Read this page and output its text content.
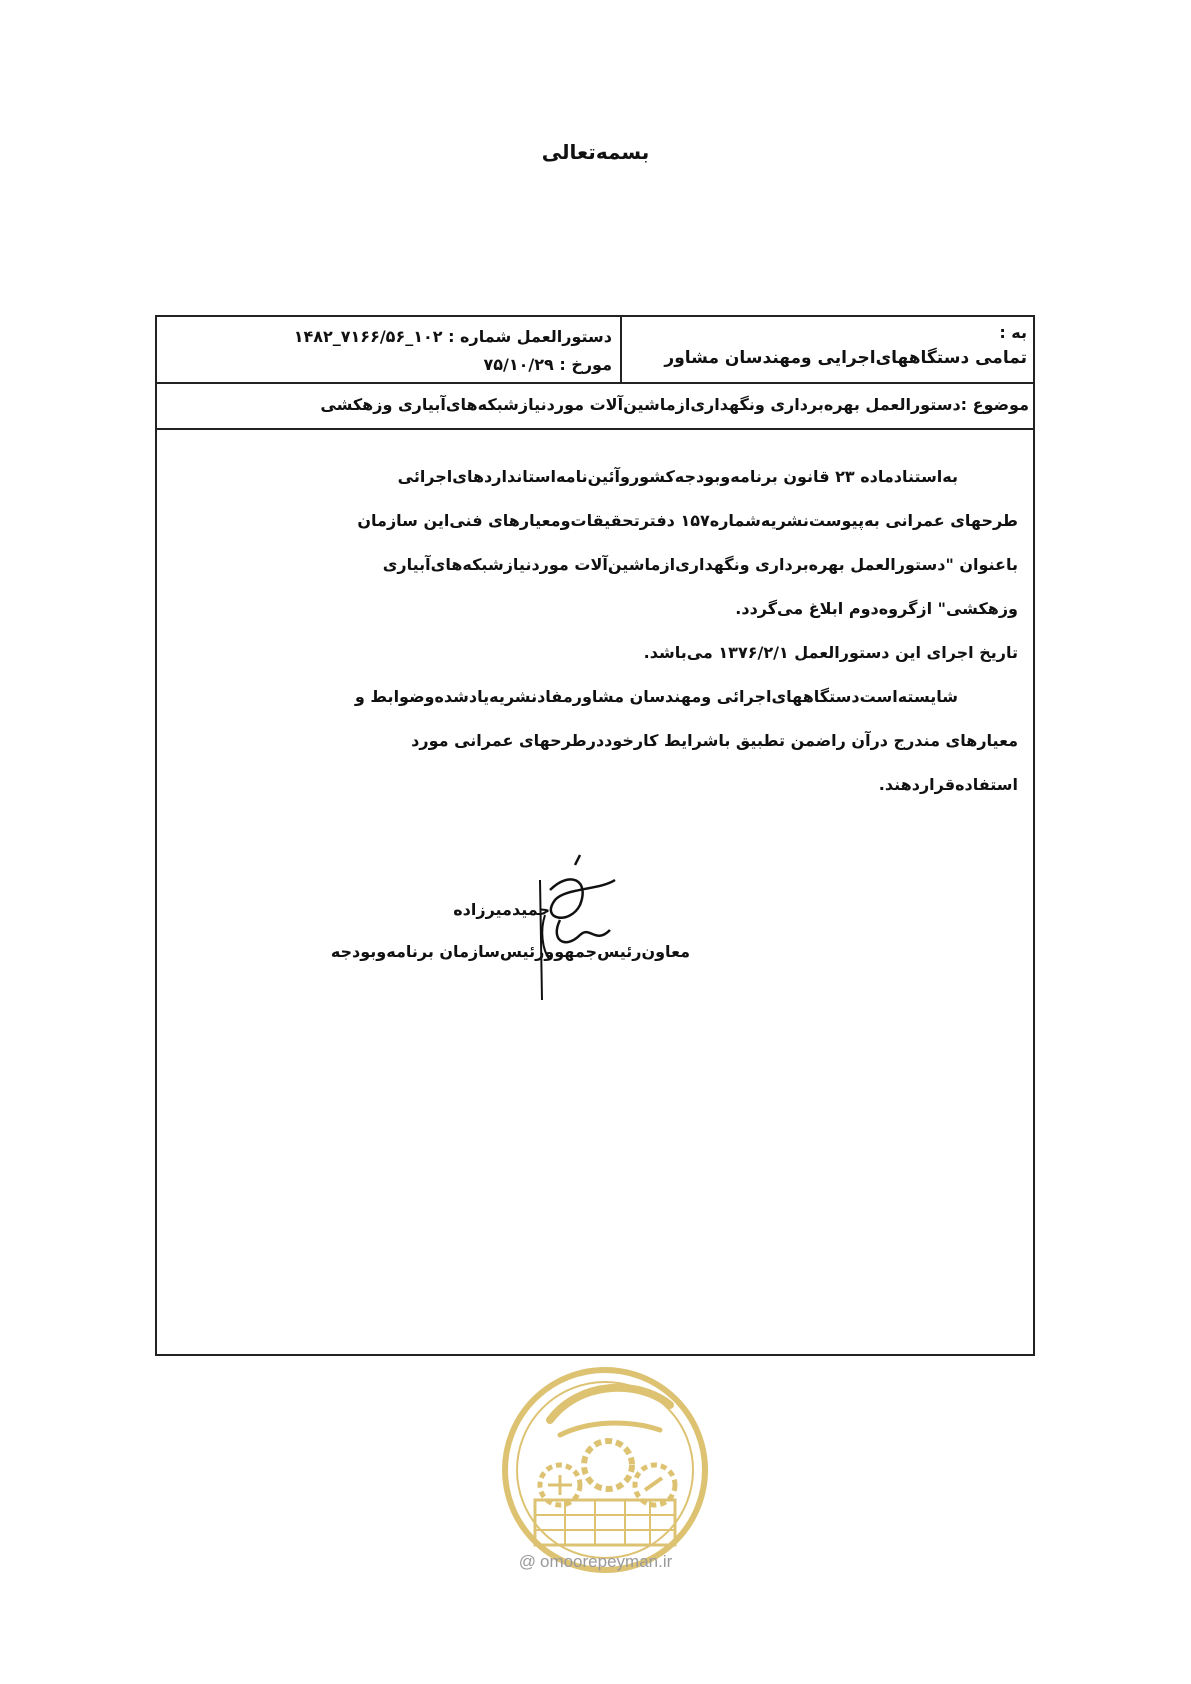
بسمه‌تعالی
به :
تمامی دستگاههای‌اجرایی ومهندسان مشاور
دستورالعمل شماره : ۱۰۲_۷۱۶۶/۵۶_۱۴۸۲
مورخ : ۷۵/۱۰/۲۹
موضوع :دستورالعمل بهره‌برداری ونگهداری‌ازماشین‌آلات موردنیازشبکه‌های‌آبیاری وزهکشی
به‌استنادماده ۲۳ قانون برنامه‌وبودجه‌کشوروآئین‌نامه‌استانداردهای‌اجرائی
طرحهای عمرانی به‌پیوست‌نشریه‌شماره۱۵۷ دفترتحقیقات‌ومعیارهای فنی‌این سازمان
باعنوان "دستورالعمل بهره‌برداری ونگهداری‌ازماشین‌آلات موردنیازشبکه‌های‌آبیاری
وزهکشی" ازگروه‌دوم ابلاغ می‌گردد.
تاریخ اجرای این دستورالعمل ۱۳۷۶/۲/۱ می‌باشد.
شایسته‌است‌دستگاههای‌اجرائی ومهندسان مشاورمفادنشریه‌یادشده‌وضوابط و
معیارهای مندرج درآن راضمن تطبیق باشرایط کارخوددرطرحهای عمرانی مورد
استفاده‌قراردهند.
حمیدمیرزاده
معاون‌رئیس‌جمهوورئیس‌سازمان برنامه‌وبودجه
@ omoorepeyman.ir
